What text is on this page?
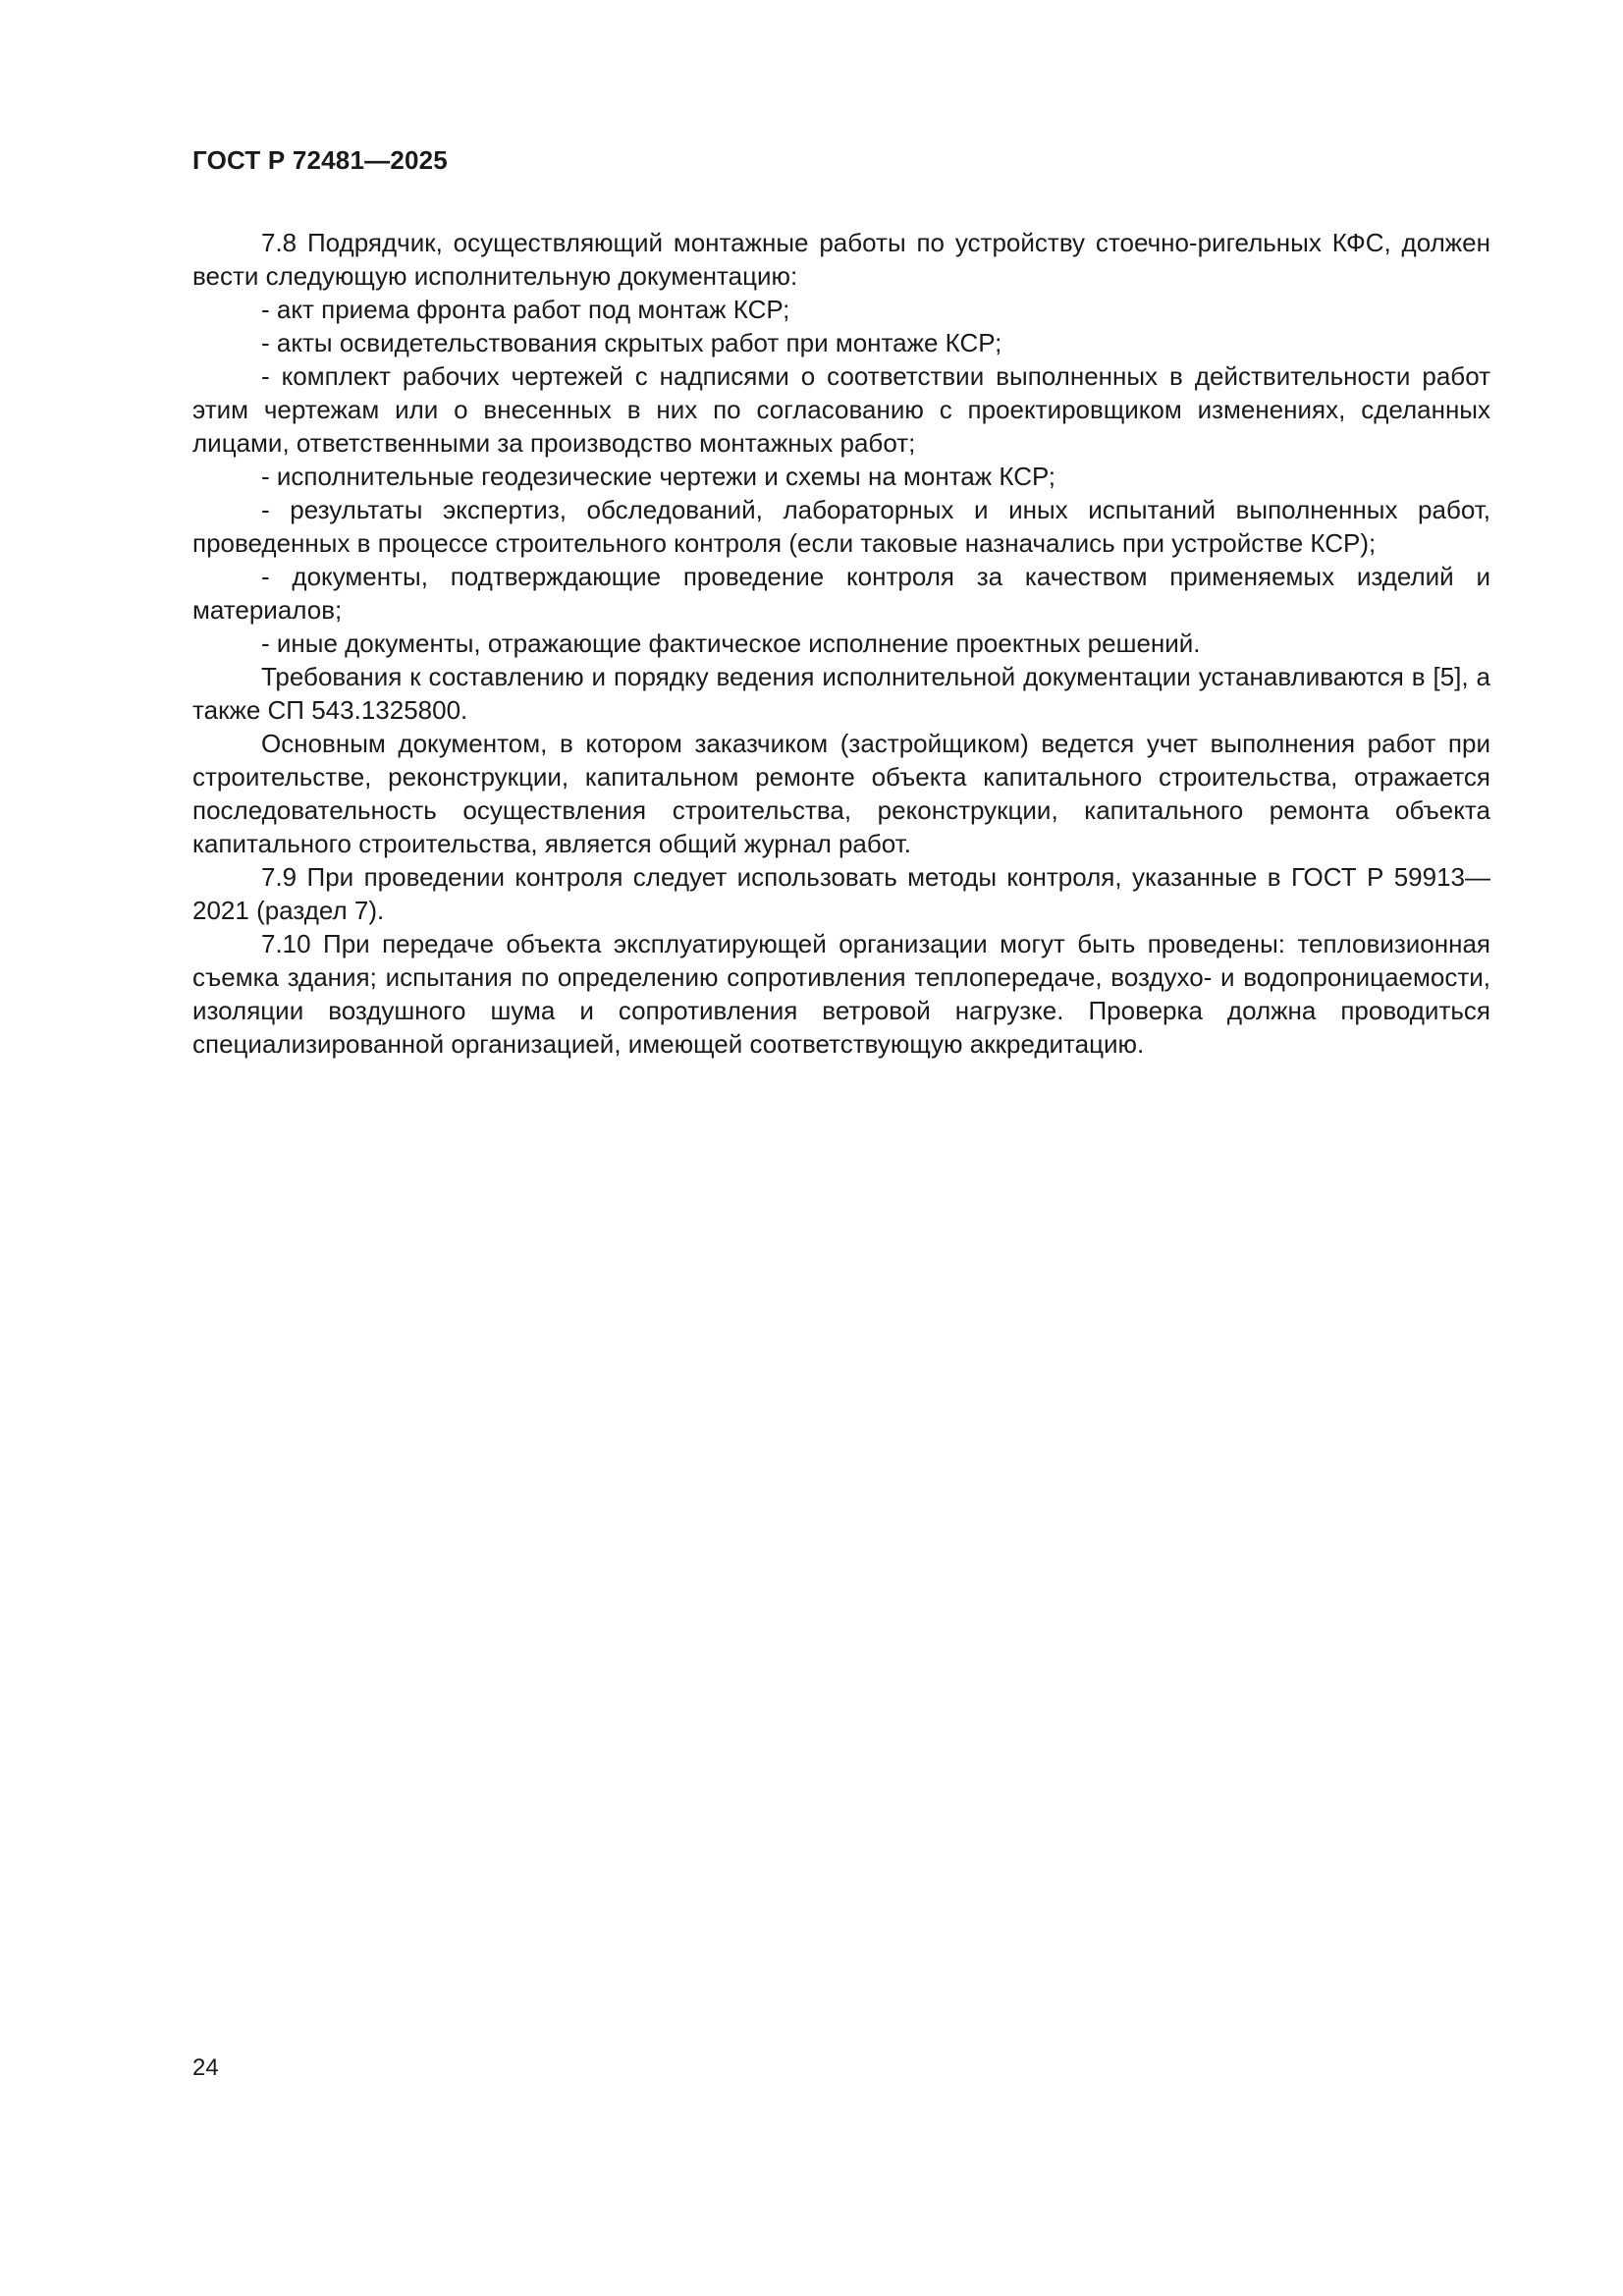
ГОСТ Р 72481—2025

7.8 Подрядчик, осуществляющий монтажные работы по устройству стоечно-ригельных КФС, должен вести следующую исполнительную документацию:

- акт приема фронта работ под монтаж КСР;

- акты освидетельствования скрытых работ при монтаже КСР;

- комплект рабочих чертежей с надписями о соответствии выполненных в действительности работ этим чертежам или о внесенных в них по согласованию с проектировщиком изменениях, сделанных лицами, ответственными за производство монтажных работ;

- исполнительные геодезические чертежи и схемы на монтаж КСР;

- результаты экспертиз, обследований, лабораторных и иных испытаний выполненных работ, проведенных в процессе строительного контроля (если таковые назначались при устройстве КСР);

- документы, подтверждающие проведение контроля за качеством применяемых изделий и материалов;

- иные документы, отражающие фактическое исполнение проектных решений.

Требования к составлению и порядку ведения исполнительной документации устанавливаются в [5], а также СП 543.1325800.

Основным документом, в котором заказчиком (застройщиком) ведется учет выполнения работ при строительстве, реконструкции, капитальном ремонте объекта капитального строительства, отражается последовательность осуществления строительства, реконструкции, капитального ремонта объекта капитального строительства, является общий журнал работ.

7.9 При проведении контроля следует использовать методы контроля, указанные в ГОСТ Р 59913—2021 (раздел 7).

7.10 При передаче объекта эксплуатирующей организации могут быть проведены: тепловизионная съемка здания; испытания по определению сопротивления теплопередаче, воздухо- и водопроницаемости, изоляции воздушного шума и сопротивления ветровой нагрузке. Проверка должна проводиться специализированной организацией, имеющей соответствующую аккредитацию.

24
